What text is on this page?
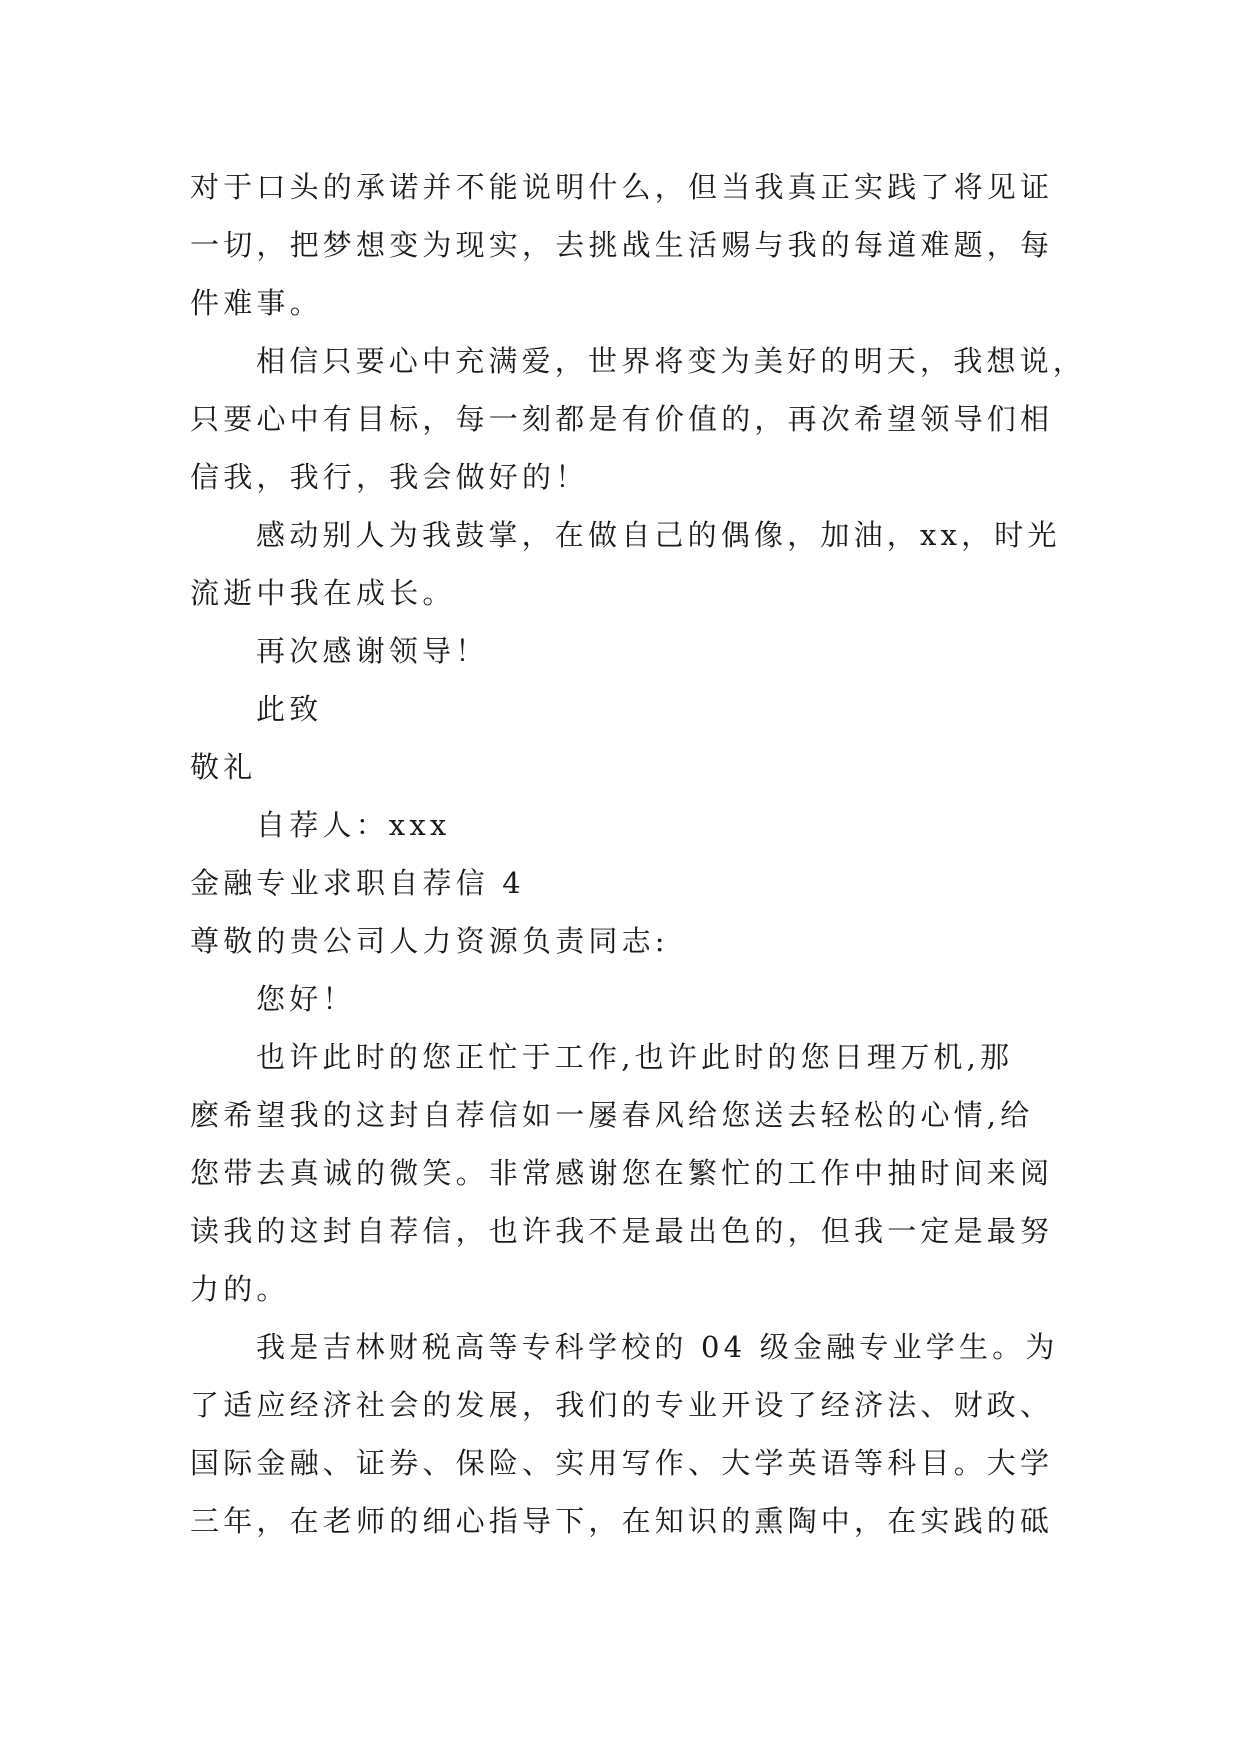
对于口头的承诺并不能说明什么，但当我真正实践了将见证
一切，把梦想变为现实，去挑战生活赐与我的每道难题，每
件难事。
相信只要心中充满爱，世界将变为美好的明天，我想说，
只要心中有目标，每一刻都是有价值的，再次希望领导们相
信我，我行，我会做好的！
感动别人为我鼓掌，在做自己的偶像，加油，xx，时光
流逝中我在成长。
再次感谢领导！
此致
敬礼
自荐人：xxx
金融专业求职自荐信 4
尊敬的贵公司人力资源负责同志:
您好！
也许此时的您正忙于工作,也许此时的您日理万机,那
麽希望我的这封自荐信如一屡春风给您送去轻松的心情,给
您带去真诚的微笑。非常感谢您在繁忙的工作中抽时间来阅
读我的这封自荐信，也许我不是最出色的，但我一定是最努
力的。
我是吉林财税高等专科学校的 04 级金融专业学生。为
了适应经济社会的发展，我们的专业开设了经济法、财政、
国际金融、证券、保险、实用写作、大学英语等科目。大学
三年，在老师的细心指导下，在知识的熏陶中，在实践的砥
